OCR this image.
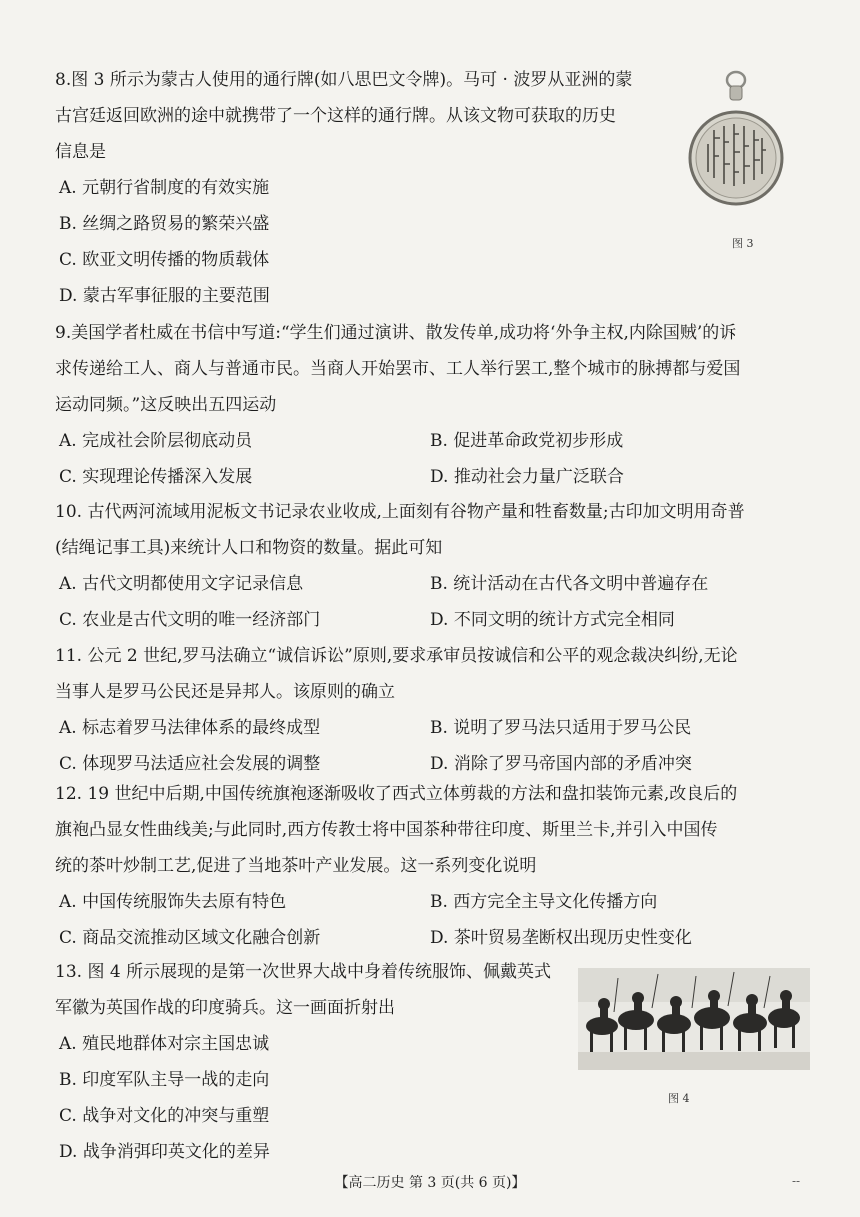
8.图 3 所示为蒙古人使用的通行牌(如八思巴文令牌)。马可 · 波罗从亚洲的蒙
古宫廷返回欧洲的途中就携带了一个这样的通行牌。从该文物可获取的历史
信息是
A. 元朝行省制度的有效实施
B. 丝绸之路贸易的繁荣兴盛
C. 欧亚文明传播的物质载体
D. 蒙古军事征服的主要范围
图 3
9.美国学者杜威在书信中写道:“学生们通过演讲、散发传单,成功将‘外争主权,内除国贼’的诉
求传递给工人、商人与普通市民。当商人开始罢市、工人举行罢工,整个城市的脉搏都与爱国
运动同频。”这反映出五四运动
A. 完成社会阶层彻底动员	B. 促进革命政党初步形成
C. 实现理论传播深入发展	D. 推动社会力量广泛联合
10. 古代两河流域用泥板文书记录农业收成,上面刻有谷物产量和牲畜数量;古印加文明用奇普
(结绳记事工具)来统计人口和物资的数量。据此可知
A. 古代文明都使用文字记录信息	B. 统计活动在古代各文明中普遍存在
C. 农业是古代文明的唯一经济部门	D. 不同文明的统计方式完全相同
11. 公元 2 世纪,罗马法确立“诚信诉讼”原则,要求承审员按诚信和公平的观念裁决纠纷,无论
当事人是罗马公民还是异邦人。该原则的确立
A. 标志着罗马法律体系的最终成型	B. 说明了罗马法只适用于罗马公民
C. 体现罗马法适应社会发展的调整	D. 消除了罗马帝国内部的矛盾冲突
12. 19 世纪中后期,中国传统旗袍逐渐吸收了西式立体剪裁的方法和盘扣装饰元素,改良后的
旗袍凸显女性曲线美;与此同时,西方传教士将中国茶种带往印度、斯里兰卡,并引入中国传
统的茶叶炒制工艺,促进了当地茶叶产业发展。这一系列变化说明
A. 中国传统服饰失去原有特色	B. 西方完全主导文化传播方向
C. 商品交流推动区域文化融合创新	D. 茶叶贸易垄断权出现历史性变化
13. 图 4 所示展现的是第一次世界大战中身着传统服饰、佩戴英式
军徽为英国作战的印度骑兵。这一画面折射出
A. 殖民地群体对宗主国忠诚
B. 印度军队主导一战的走向
C. 战争对文化的冲突与重塑
D. 战争消弭印英文化的差异
图 4
【高二历史 第 3 页(共 6 页)】	--
